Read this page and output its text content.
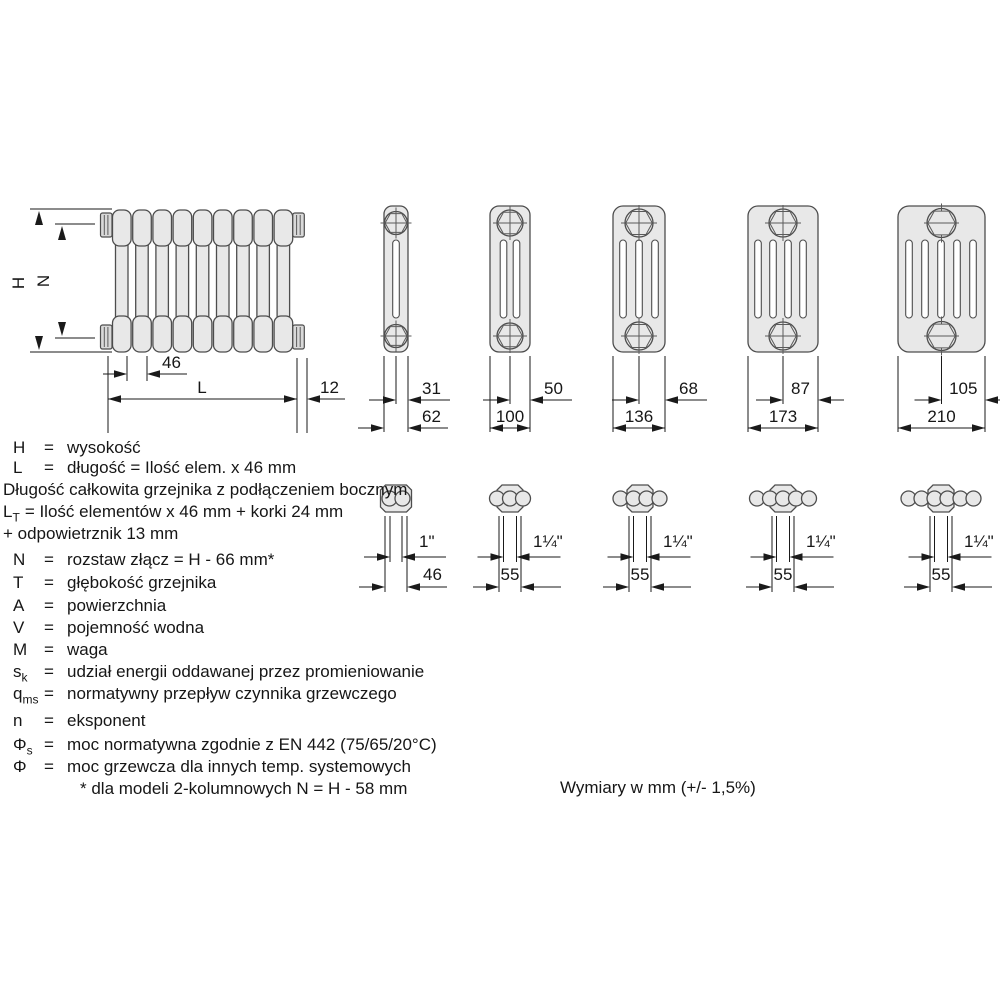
H N
46
L	12	31
62
50
100
68
136
87
173
105
210
1"
46
1¼"
55
1¼"
55
1¼"
55
1¼"
55
H	= wysokość
L	= długość = Ilość elem. x 46 mm
Długość całkowita grzejnika z podłączeniem bocznym
$L_T$ = Ilość elementów x 46 mm + korki 24 mm
+ odpowietrznik 13 mm
N	= rozstaw złącz = H - 66 mm*
T	= głębokość grzejnika
A	= powierzchnia
V	= pojemność wodna
M = waga
$s_k$ = udział energii oddawanej przez promieniowanie
$q_{ms}$ = normatywny przepływ czynnika grzewczego
n	= eksponent
$\Phi_s$ = moc normatywna zgodnie z EN 442 (75/65/20°C)
Φ	= moc grzewcza dla innych temp. systemowych
* dla modeli 2-kolumnowych N = H - 58 mm	Wymiary w mm (+/- 1,5%)
